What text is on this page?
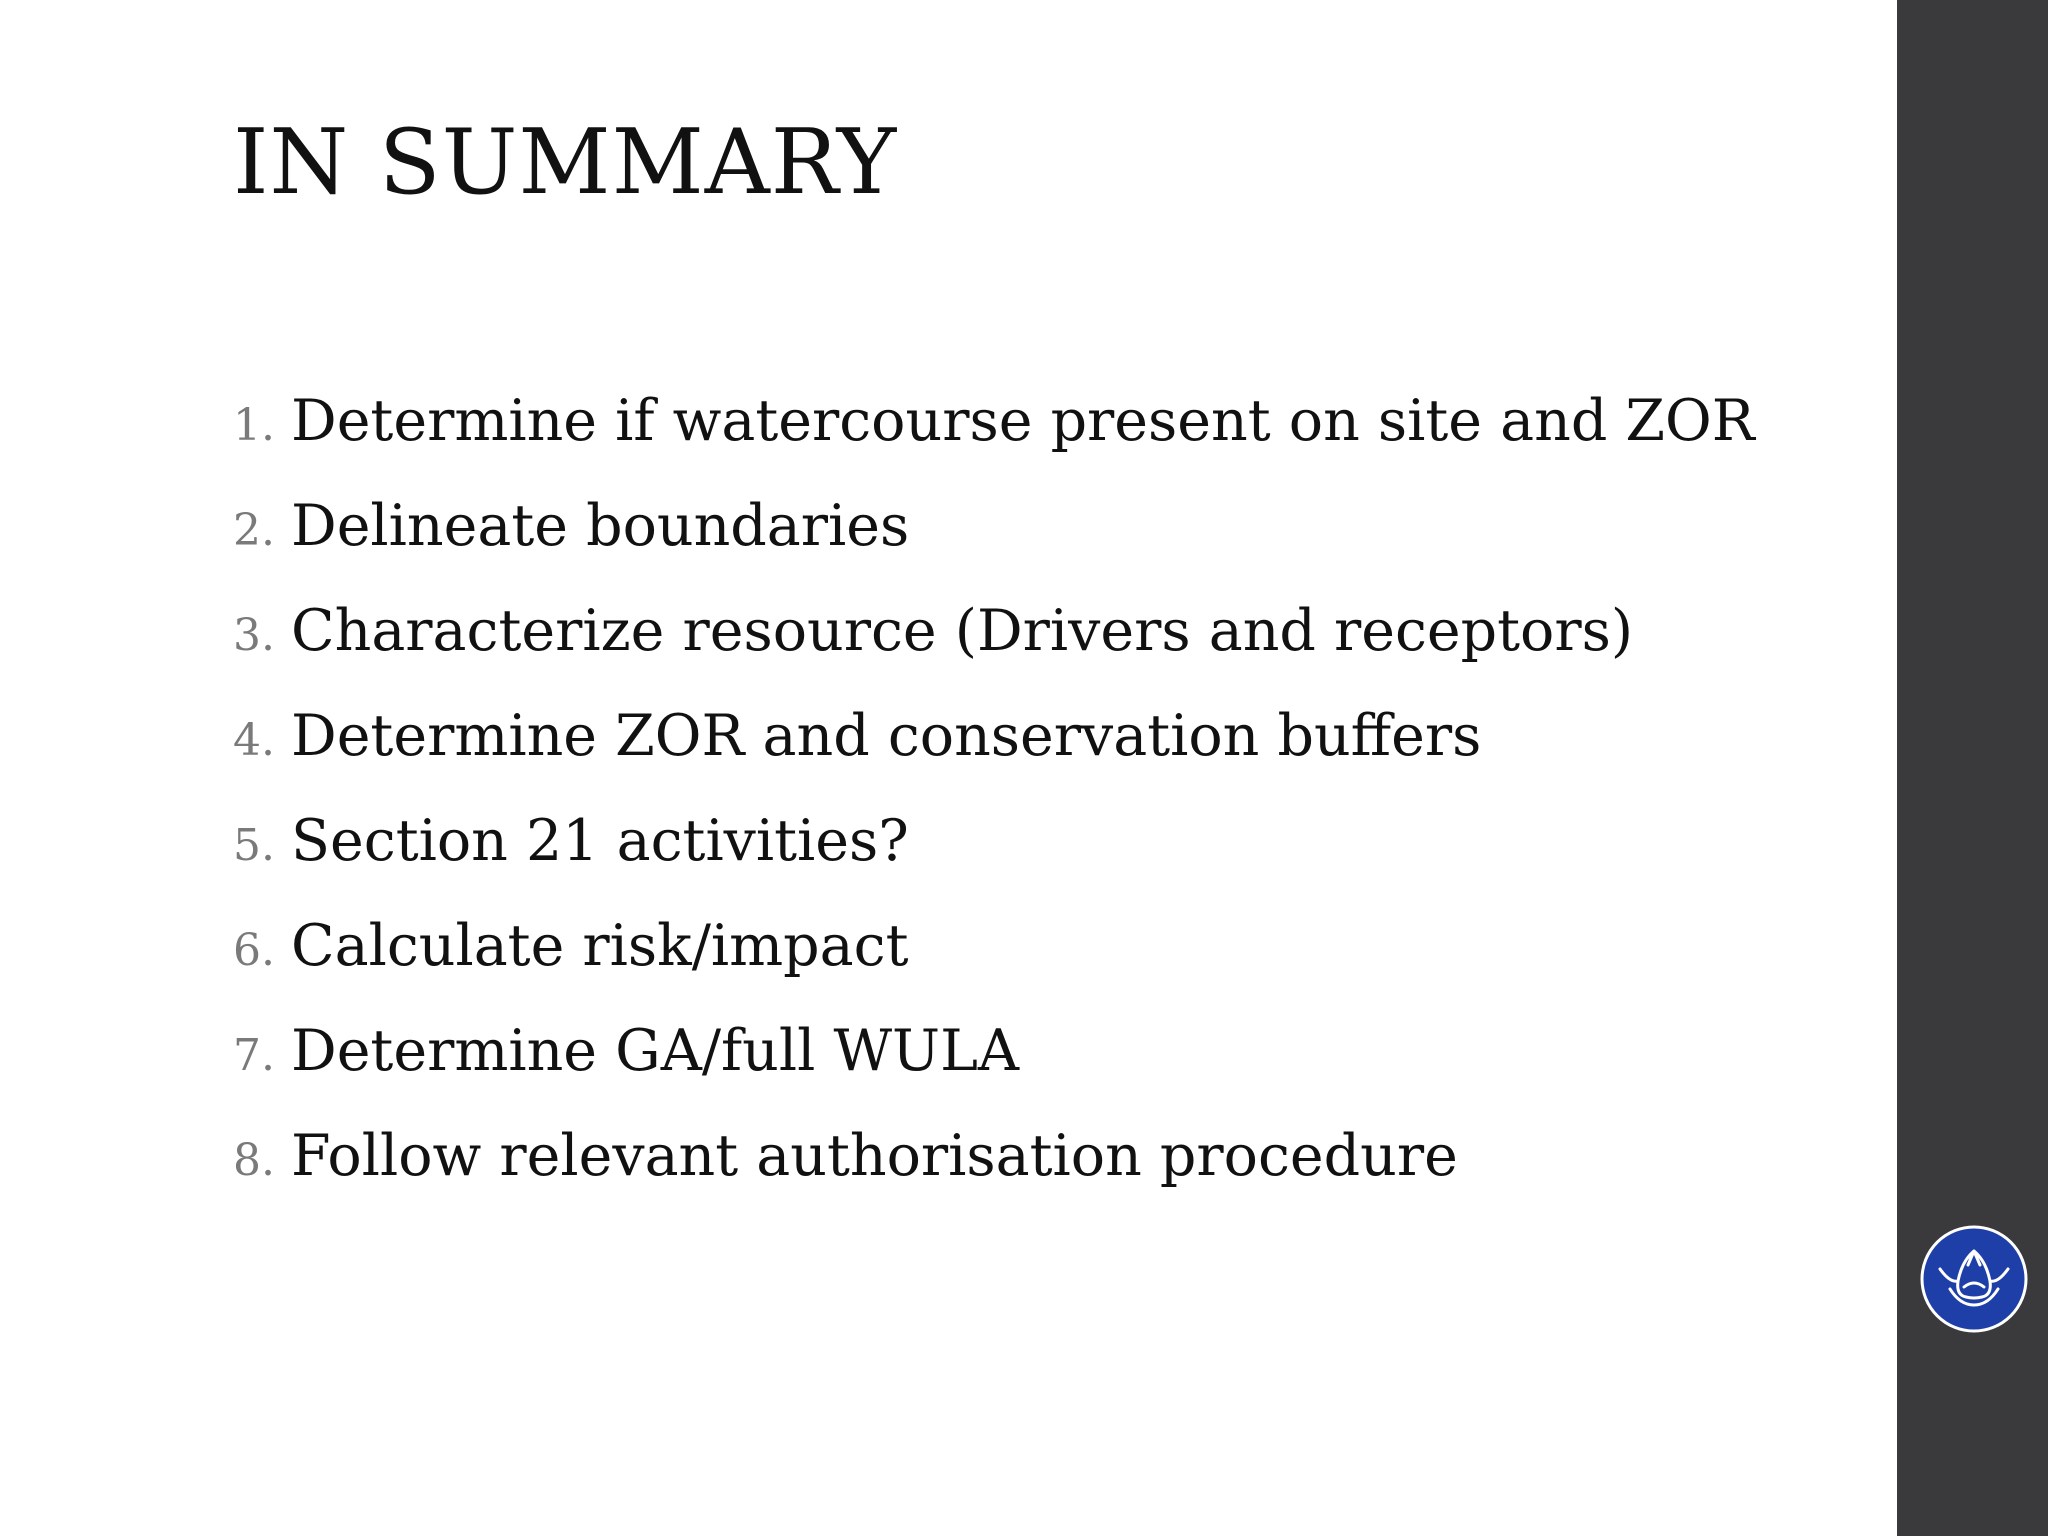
IN SUMMARY
1. Determine if watercourse present on site and ZOR
2. Delineate boundaries
3. Characterize resource (Drivers and receptors)
4. Determine ZOR and conservation buffers
5. Section 21 activities?
6. Calculate risk/impact
7. Determine GA/full WULA
8. Follow relevant authorisation procedure
